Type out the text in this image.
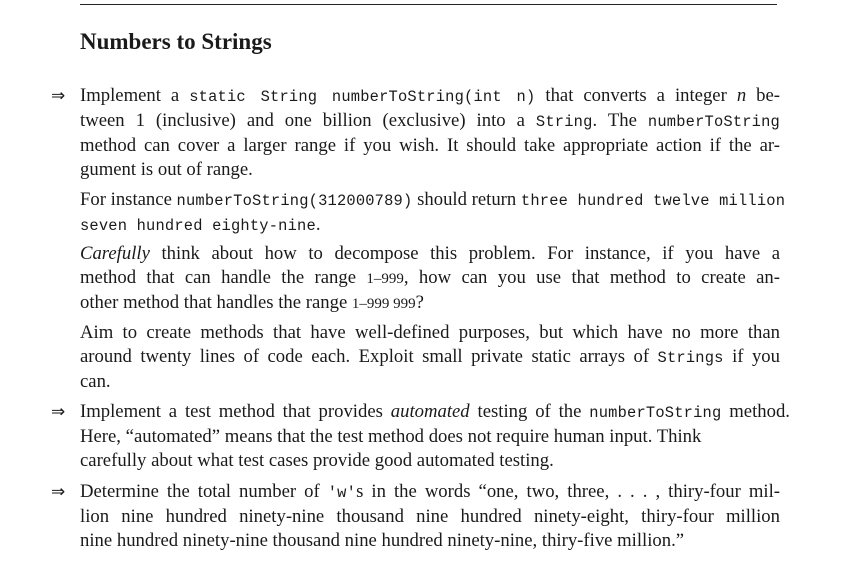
Numbers to Strings
⇒ Implement a static String numberToString(int n) that converts a integer n be-
tween 1 (inclusive) and one billion (exclusive) into a String. The numberToString
method can cover a larger range if you wish. It should take appropriate action if the ar-
gument is out of range.
For instance numberToString(312000789) should return three hundred twelve million
seven hundred eighty-nine.
Carefully think about how to decompose this problem. For instance, if you have a
method that can handle the range 1–999, how can you use that method to create an-
other method that handles the range 1–999 999?
Aim to create methods that have well-defined purposes, but which have no more than
around twenty lines of code each. Exploit small private static arrays of Strings if you
can.
⇒ Implement a test method that provides automated testing of the numberToString method.
Here, “automated” means that the test method does not require human input. Think
carefully about what test cases provide good automated testing.
⇒ Determine the total number of 'w's in the words “one, two, three, . . . , thiry-four mil-
lion nine hundred ninety-nine thousand nine hundred ninety-eight, thiry-four million
nine hundred ninety-nine thousand nine hundred ninety-nine, thiry-five million.”
